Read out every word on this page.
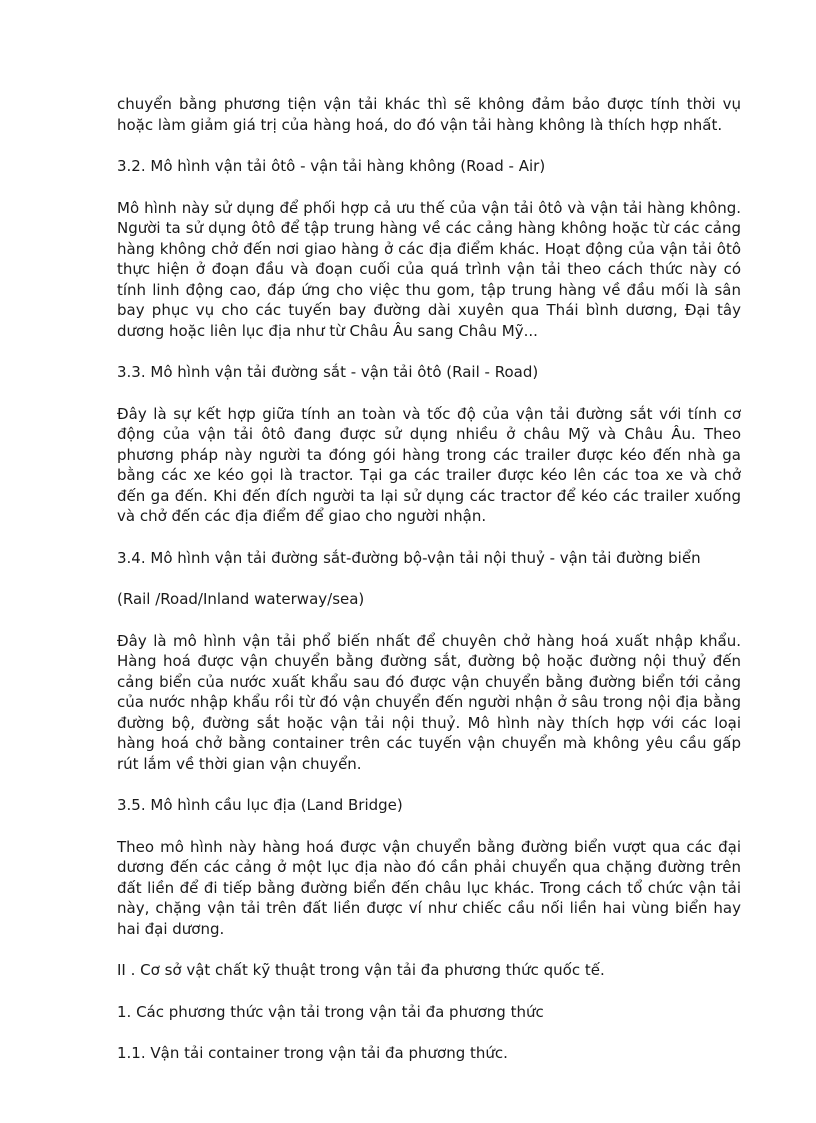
chuyển bằng phương tiện vận tải khác thì sẽ không đảm bảo được tính thời vụ hoặc làm giảm giá trị của hàng hoá, do đó vận tải hàng không là thích hợp nhất.

3.2. Mô hình vận tải ôtô - vận tải hàng không (Road - Air)

Mô hình này sử dụng để phối hợp cả ưu thế của vận tải ôtô và vận tải hàng không. Người ta sử dụng ôtô để tập trung hàng về các cảng hàng không hoặc từ các cảng hàng không chở đến nơi giao hàng ở các địa điểm khác. Hoạt động của vận tải ôtô thực hiện ở đoạn đầu và đoạn cuối của quá trình vận tải theo cách thức này có tính linh động cao, đáp ứng cho việc thu gom, tập trung hàng về đầu mối là sân bay phục vụ cho các tuyến bay đường dài xuyên qua Thái bình dương, Đại tây dương hoặc liên lục địa như từ Châu Âu sang Châu Mỹ...

3.3. Mô hình vận tải đường sắt - vận tải ôtô (Rail - Road)

Đây là sự kết hợp giữa tính an toàn và tốc độ của vận tải đường sắt với tính cơ động của vận tải ôtô đang được sử dụng nhiều ở châu Mỹ và Châu Âu. Theo phương pháp này người ta đóng gói hàng trong các trailer được kéo đến nhà ga bằng các xe kéo gọi là tractor. Tại ga các trailer được kéo lên các toa xe và chở đến ga đến. Khi đến đích người ta lại sử dụng các tractor để kéo các trailer xuống và chở đến các địa điểm để giao cho người nhận.

3.4. Mô hình vận tải đường sắt-đường bộ-vận tải nội thuỷ - vận tải đường biển

(Rail /Road/Inland waterway/sea)

Đây là mô hình vận tải phổ biến nhất để chuyên chở hàng hoá xuất nhập khẩu. Hàng hoá được vận chuyển bằng đường sắt, đường bộ hoặc đường nội thuỷ đến cảng biển của nước xuất khẩu sau đó được vận chuyển bằng đường biển tới cảng của nước nhập khẩu rồi từ đó vận chuyển đến người nhận ở sâu trong nội địa bằng đường bộ, đường sắt hoặc vận tải nội thuỷ. Mô hình này thích hợp với các loại hàng hoá chở bằng container trên các tuyến vận chuyển mà không yêu cầu gấp rút lắm về thời gian vận chuyển.

3.5. Mô hình cầu lục địa (Land Bridge)

Theo mô hình này hàng hoá được vận chuyển bằng đường biển vượt qua các đại dương đến các cảng ở một lục địa nào đó cần phải chuyển qua chặng đường trên đất liền để đi tiếp bằng đường biển đến châu lục khác. Trong cách tổ chức vận tải này, chặng vận tải trên đất liền được ví như chiếc cầu nối liền hai vùng biển hay hai đại dương.

II . Cơ sở vật chất kỹ thuật trong vận tải đa phương thức quốc tế.

1. Các phương thức vận tải trong vận tải đa phương thức

1.1. Vận tải container trong vận tải đa phương thức.
